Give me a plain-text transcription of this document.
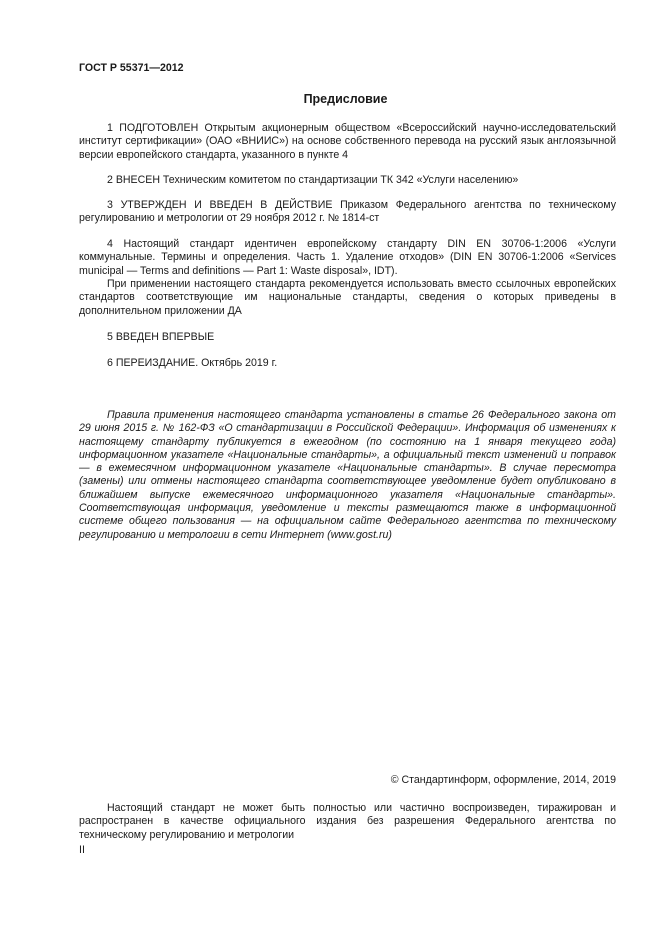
ГОСТ Р 55371—2012
Предисловие

1 ПОДГОТОВЛЕН Открытым акционерным обществом «Всероссийский научно-исследовательский институт сертификации» (ОАО «ВНИИС») на основе собственного перевода на русский язык англоязычной версии европейского стандарта, указанного в пункте 4

2 ВНЕСЕН Техническим комитетом по стандартизации ТК 342 «Услуги населению»

3 УТВЕРЖДЕН И ВВЕДЕН В ДЕЙСТВИЕ Приказом Федерального агентства по техническому регулированию и метрологии от 29 ноября 2012 г. № 1814-ст

4 Настоящий стандарт идентичен европейскому стандарту DIN EN 30706-1:2006 «Услуги коммунальные. Термины и определения. Часть 1. Удаление отходов» (DIN EN 30706-1:2006 «Services municipal — Terms and definitions — Part 1: Waste disposal», IDT).

При применении настоящего стандарта рекомендуется использовать вместо ссылочных европейских стандартов соответствующие им национальные стандарты, сведения о которых приведены в дополнительном приложении ДА

5 ВВЕДЕН ВПЕРВЫЕ

6 ПЕРЕИЗДАНИЕ. Октябрь 2019 г.

Правила применения настоящего стандарта установлены в статье 26 Федерального закона от 29 июня 2015 г. № 162-ФЗ «О стандартизации в Российской Федерации». Информация об изменениях к настоящему стандарту публикуется в ежегодном (по состоянию на 1 января текущего года) информационном указателе «Национальные стандарты», а официальный текст изменений и поправок — в ежемесячном информационном указателе «Национальные стандарты». В случае пересмотра (замены) или отмены настоящего стандарта соответствующее уведомление будет опубликовано в ближайшем выпуске ежемесячного информационного указателя «Национальные стандарты». Соответствующая информация, уведомление и тексты размещаются также в информационной системе общего пользования — на официальном сайте Федерального агентства по техническому регулированию и метрологии в сети Интернет (www.gost.ru)

© Стандартинформ, оформление, 2014, 2019

Настоящий стандарт не может быть полностью или частично воспроизведен, тиражирован и распространен в качестве официального издания без разрешения Федерального агентства по техническому регулированию и метрологии

II
